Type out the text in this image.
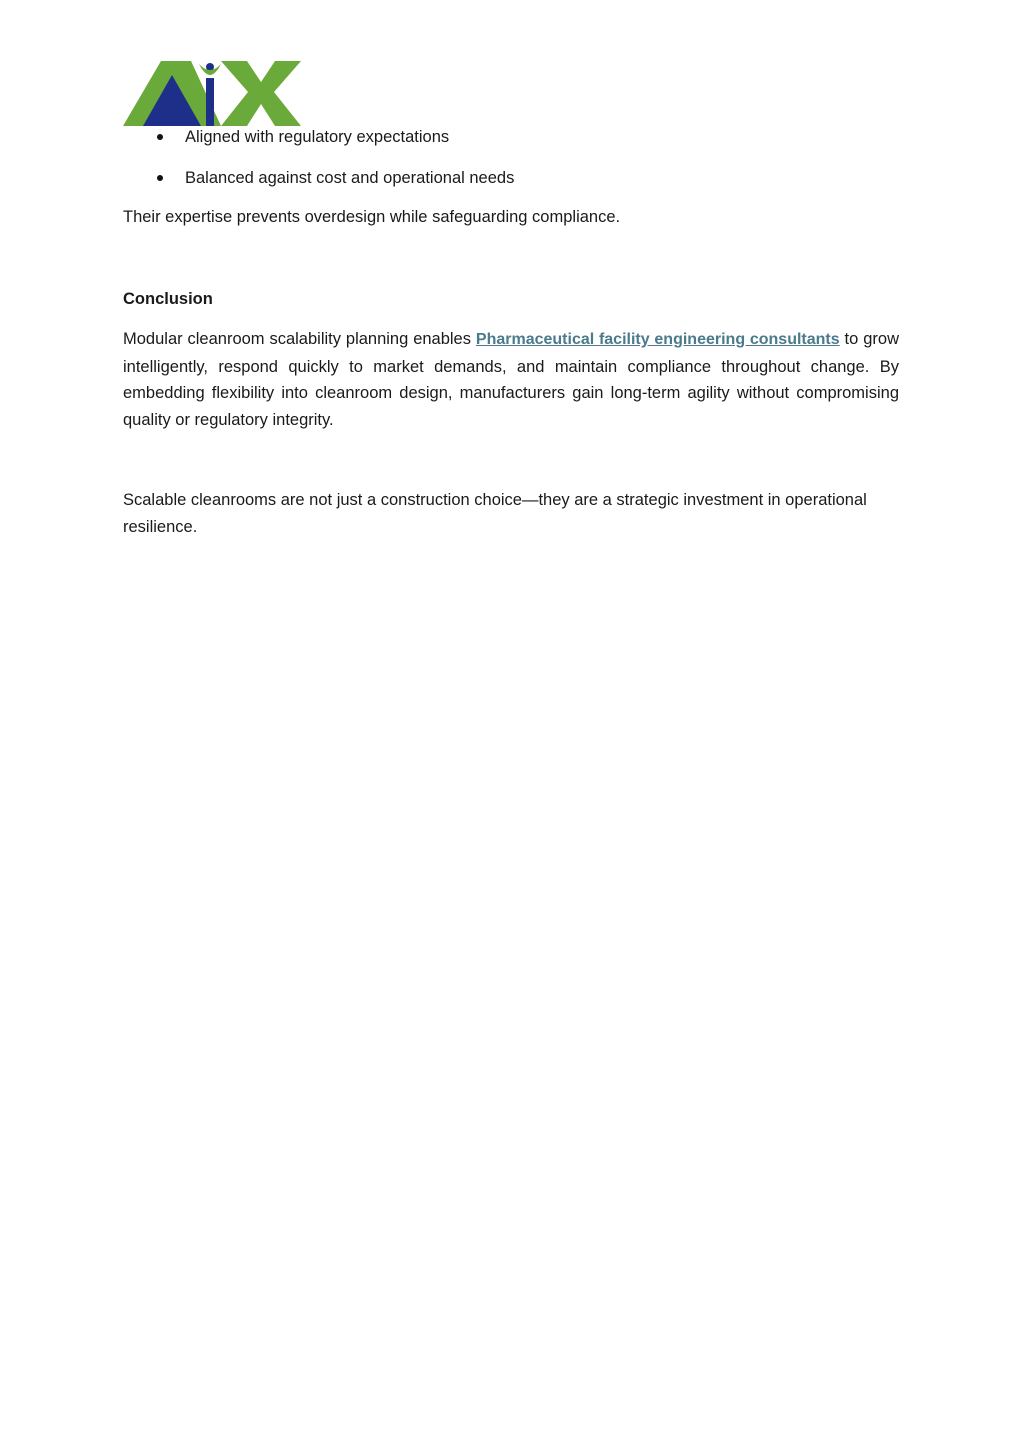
Aligned with regulatory expectations
Balanced against cost and operational needs

Their expertise prevents overdesign while safeguarding compliance.

Conclusion

Modular cleanroom scalability planning enables Pharmaceutical facility engineering consultants to grow intelligently, respond quickly to market demands, and maintain compliance throughout change. By embedding flexibility into cleanroom design, manufacturers gain long-term agility without compromising quality or regulatory integrity.

Scalable cleanrooms are not just a construction choice—they are a strategic investment in operational resilience.
